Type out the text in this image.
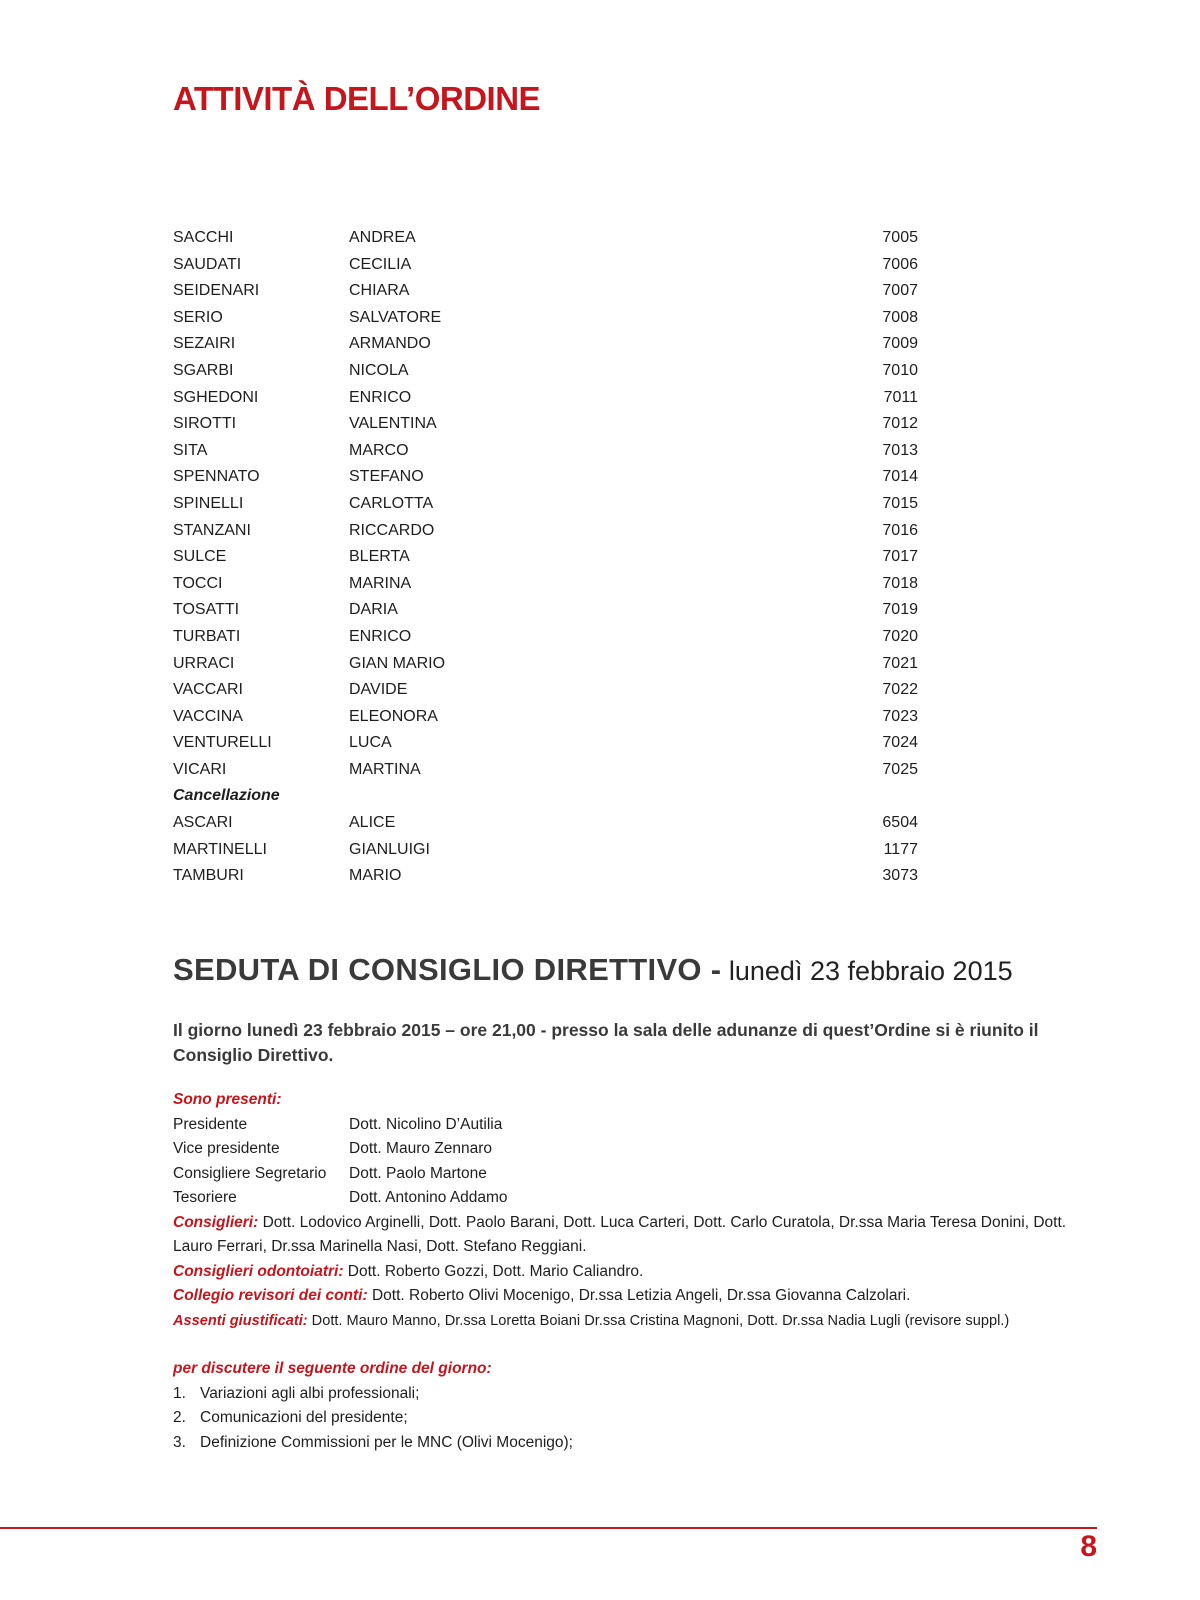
ATTIVITÀ DELL’ORDINE
SACCHI	ANDREA	7005
SAUDATI	CECILIA	7006
SEIDENARI	CHIARA	7007
SERIO	SALVATORE	7008
SEZAIRI	ARMANDO	7009
SGARBI	NICOLA	7010
SGHEDONI	ENRICO	7011
SIROTTI	VALENTINA	7012
SITA	MARCO	7013
SPENNATO	STEFANO	7014
SPINELLI	CARLOTTA	7015
STANZANI	RICCARDO	7016
SULCE	BLERTA	7017
TOCCI	MARINA	7018
TOSATTI	DARIA	7019
TURBATI	ENRICO	7020
URRACI	GIAN MARIO	7021
VACCARI	DAVIDE	7022
VACCINA	ELEONORA	7023
VENTURELLI	LUCA	7024
VICARI	MARTINA	7025
Cancellazione
ASCARI	ALICE	6504
MARTINELLI	GIANLUIGI	1177
TAMBURI	MARIO	3073
SEDUTA DI CONSIGLIO DIRETTIVO - lunedì 23 febbraio 2015

Il giorno lunedì 23 febbraio 2015 – ore 21,00 - presso la sala delle adunanze di quest’Ordine si è riunito il Consiglio Direttivo.

Sono presenti:
Presidente	Dott. Nicolino D’Autilia
Vice presidente	Dott. Mauro Zennaro
Consigliere Segretario Dott. Paolo Martone
Tesoriere	Dott. Antonino Addamo

Consiglieri: Dott. Lodovico Arginelli, Dott. Paolo Barani, Dott. Luca Carteri, Dott. Carlo Curatola, Dr.ssa Maria Teresa Donini, Dott. Lauro Ferrari, Dr.ssa Marinella Nasi, Dott. Stefano Reggiani.

Consiglieri odontoiatri: Dott. Roberto Gozzi, Dott. Mario Caliandro.

Collegio revisori dei conti: Dott. Roberto Olivi Mocenigo, Dr.ssa Letizia Angeli, Dr.ssa Giovanna Calzolari.

Assenti giustificati: Dott. Mauro Manno, Dr.ssa Loretta Boiani Dr.ssa Cristina Magnoni, Dott. Dr.ssa Nadia Lugli (revisore suppl.)

per discutere il seguente ordine del giorno:
1. Variazioni agli albi professionali;
2. Comunicazioni del presidente;
3. Definizione Commissioni per le MNC (Olivi Mocenigo);
8
